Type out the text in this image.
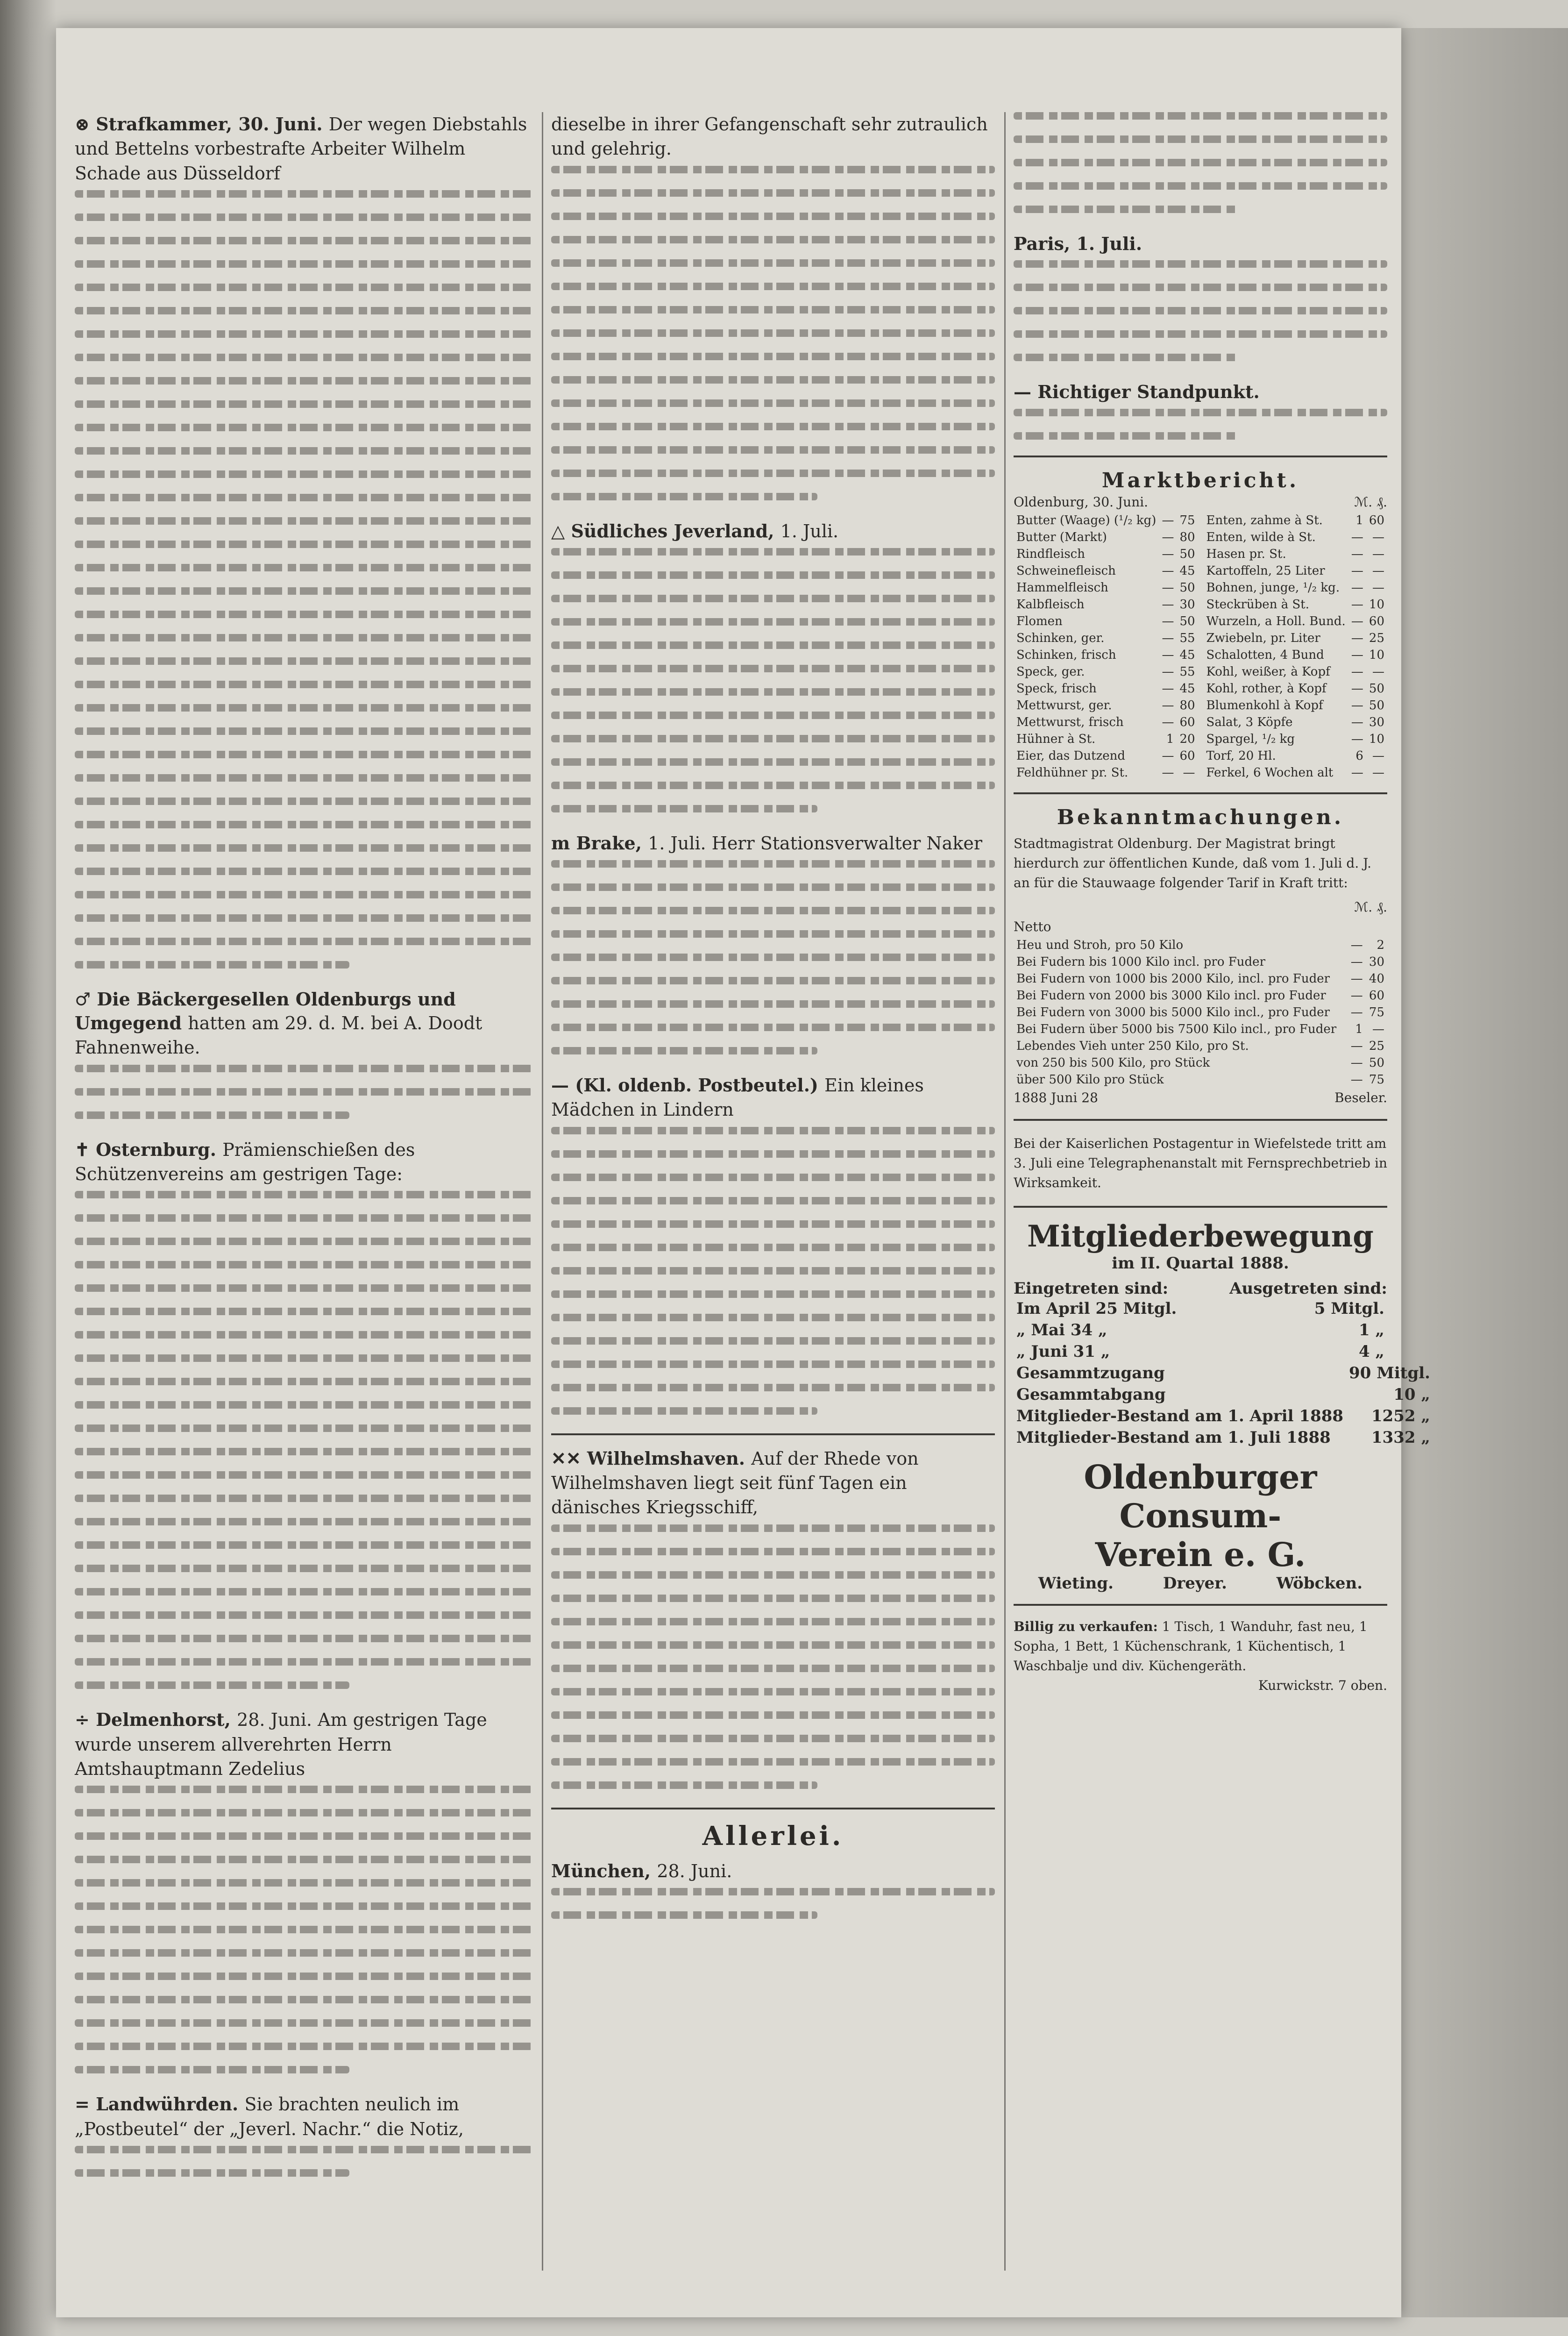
⊗ Strafkammer, 30. Juni. Der wegen Diebstahls und Bettelns vorbestrafte Arbeiter Wilhelm Schade aus Düsseldorf

♂ Die Bäckergesellen Oldenburgs und Umgegend hatten am 29. d. M. bei A. Doodt Fahnenweihe.

✝ Osternburg. Prämienschießen des Schützenvereins am gestrigen Tage:

÷ Delmenhorst, 28. Juni. Am gestrigen Tage wurde unserem allverehrten Herrn Amtshauptmann Zedelius

= Landwührden. Sie brachten neulich im „Postbeutel“ der „Jeverl. Nachr.“ die Notiz,

dieselbe in ihrer Gefangenschaft sehr zutraulich und gelehrig.

△ Südliches Jeverland, 1. Juli.

m Brake, 1. Juli. Herr Stationsverwalter Naker

— (Kl. oldenb. Postbeutel.) Ein kleines Mädchen in Lindern

✕✕ Wilhelmshaven. Auf der Rhede von Wilhelmshaven liegt seit fünf Tagen ein dänisches Kriegsschiff,

Allerlei.

München, 28. Juni.

Paris, 1. Juli.

— Richtiger Standpunkt.

Marktbericht.
Oldenburg, 30. Juni.	ℳ. ₰.
Butter (Waage) (¹/₂ kg)	—	75
Butter (Markt)	—	80
Rindfleisch	—	50
Schweinefleisch	—	45
Hammelfleisch	—	50
Kalbfleisch	—	30
Flomen	—	50
Schinken, ger.	—	55
Schinken, frisch	—	45
Speck, ger.	—	55
Speck, frisch	—	45
Mettwurst, ger.	—	80
Mettwurst, frisch	—	60
Hühner à St.	1	20
Eier, das Dutzend	—	60
Feldhühner pr. St.	—	—
Enten, zahme à St.	1	60
Enten, wilde à St.	—	—
Hasen pr. St.	—	—
Kartoffeln, 25 Liter	—	—
Bohnen, junge, ¹/₂ kg.	—	—
Steckrüben à St.	—	10
Wurzeln, a Holl. Bund.	—	60
Zwiebeln, pr. Liter	—	25
Schalotten, 4 Bund	—	10
Kohl, weißer, à Kopf	—	—
Kohl, rother, à Kopf	—	50
Blumenkohl à Kopf	—	50
Salat, 3 Köpfe	—	30
Spargel, ¹/₂ kg	—	10
Torf, 20 Hl.	6	—
Ferkel, 6 Wochen alt	—	—
Bekanntmachungen.

Stadtmagistrat Oldenburg. Der Magistrat bringt hierdurch zur öffentlichen Kunde, daß vom 1. Juli d. J. an für die Stauwaage folgender Tarif in Kraft tritt:

ℳ. ₰.
Netto
Heu und Stroh, pro 50 Kilo	—	2
Bei Fudern bis 1000 Kilo incl. pro Fuder	—	30
Bei Fudern von 1000 bis 2000 Kilo, incl. pro Fuder	—	40
Bei Fudern von 2000 bis 3000 Kilo incl. pro Fuder	—	60
Bei Fudern von 3000 bis 5000 Kilo incl., pro Fuder	—	75
Bei Fudern über 5000 bis 7500 Kilo incl., pro Fuder	1	—
Lebendes Vieh unter 250 Kilo, pro St.	—	25
von 250 bis 500 Kilo, pro Stück	—	50
über 500 Kilo pro Stück	—	75
1888 Juni 28	Beseler.

Bei der Kaiserlichen Postagentur in Wiefelstede tritt am 3. Juli eine Telegraphenanstalt mit Fernsprechbetrieb in Wirksamkeit.

Mitgliederbewegung
im II. Quartal 1888.
Eingetreten sind:	Ausgetreten sind:
Im April 25 Mitgl.	5 Mitgl.
„ Mai 34 „	1 „
„ Juni 31 „	4 „
Gesammtzugang	90 Mitgl.
Gesammtabgang	10 „
Mitglieder-Bestand am 1. April 1888	1252 „
Mitglieder-Bestand am 1. Juli 1888	1332 „
Oldenburger Consum-
Verein e. G.
Wieting.	Dreyer.	Wöbcken.

Billig zu verkaufen: 1 Tisch, 1 Wanduhr, fast neu, 1 Sopha, 1 Bett, 1 Küchenschrank, 1 Küchentisch, 1 Waschbalje und div. Küchengeräth.

Kurwickstr. 7 oben.
